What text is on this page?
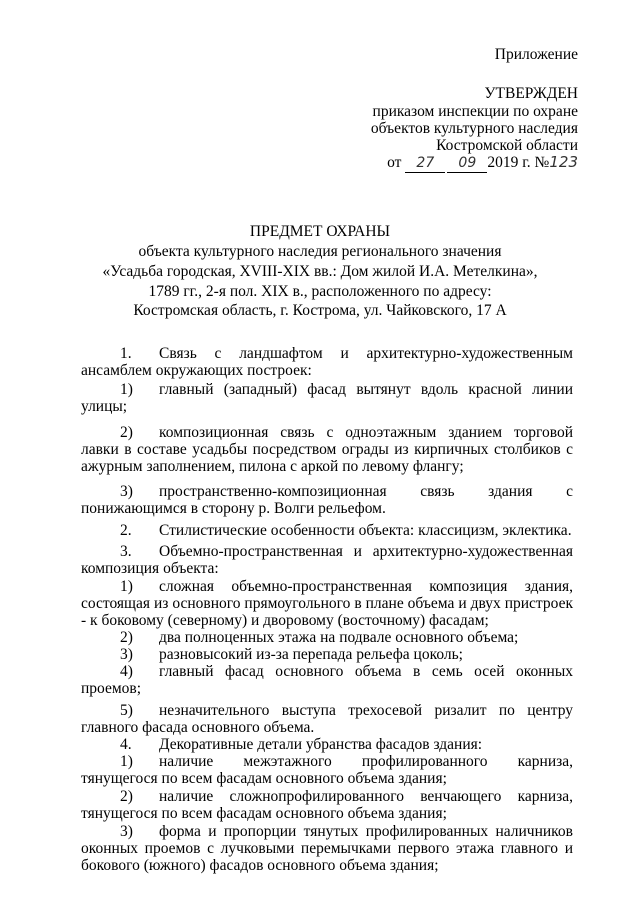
Приложение
УТВЕРЖДЕН
приказом инспекции по охране
объектов культурного наследия
Костромской области
от 27 09 2019 г. №123
ПРЕДМЕТ ОХРАНЫ
объекта культурного наследия регионального значения
«Усадьба городская, XVIII-XIX вв.: Дом жилой И.А. Метелкина»,
1789 гг., 2-я пол. XIX в., расположенного по адресу:
Костромская область, г. Кострома, ул. Чайковского, 17 А
1. Связь с ландшафтом и архитектурно-художественным ансамблем окружающих построек:
1) главный (западный) фасад вытянут вдоль красной линии улицы;
2) композиционная связь с одноэтажным зданием торговой лавки в составе усадьбы посредством ограды из кирпичных столбиков с ажурным заполнением, пилона с аркой по левому флангу;
3) пространственно-композиционная связь здания с понижающимся в сторону р. Волги рельефом.
2. Стилистические особенности объекта: классицизм, эклектика.
3. Объемно-пространственная и архитектурно-художественная композиция объекта:
1) сложная объемно-пространственная композиция здания, состоящая из основного прямоугольного в плане объема и двух пристроек - к боковому (северному) и дворовому (восточному) фасадам;
2) два полноценных этажа на подвале основного объема;
3) разновысокий из-за перепада рельефа цоколь;
4) главный фасад основного объема в семь осей оконных проемов;
5) незначительного выступа трехосевой ризалит по центру главного фасада основного объема.
4. Декоративные детали убранства фасадов здания:
1) наличие межэтажного профилированного карниза, тянущегося по всем фасадам основного объема здания;
2) наличие сложнопрофилированного венчающего карниза, тянущегося по всем фасадам основного объема здания;
3) форма и пропорции тянутых профилированных наличников оконных проемов с лучковыми перемычками первого этажа главного и бокового (южного) фасадов основного объема здания;
